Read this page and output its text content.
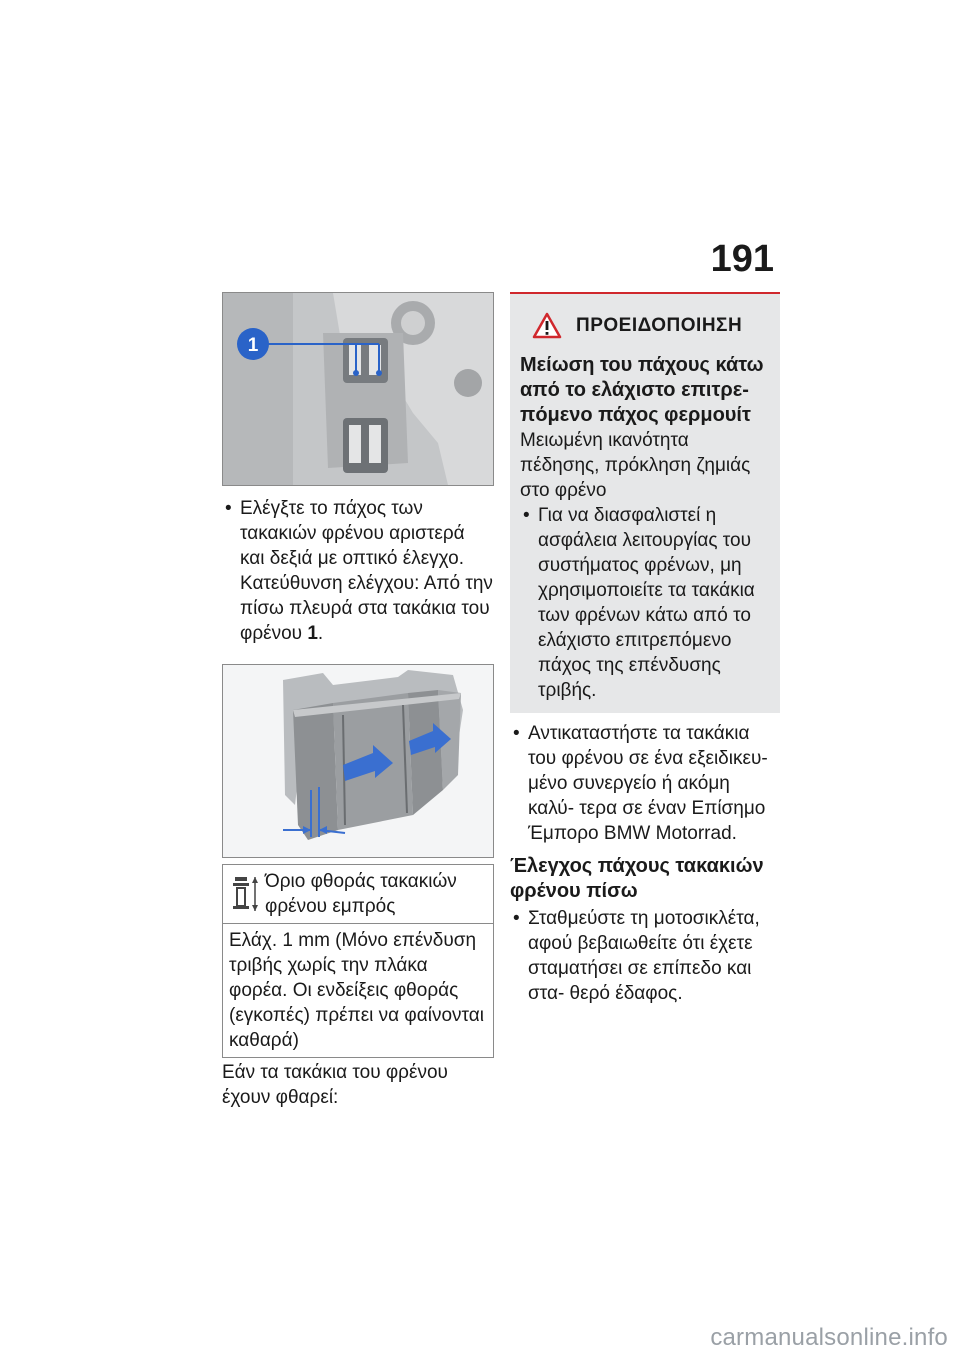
191
1
• Ελέγξτε το πάχος των τακακιών φρένου αριστερά και δεξιά με οπτικό έλεγχο. Κατεύθυνση ελέγχου: Από την πίσω πλευρά στα τακάκια του φρένου 1.
Όριο φθοράς τακακιών φρένου εμπρός
Ελάχ. 1 mm (Μόνο επένδυση τριβής χωρίς την πλάκα φορέα. Οι ενδείξεις φθοράς (εγκοπές) πρέπει να φαίνονται καθαρά)
Εάν τα τακάκια του φρένου έχουν φθαρεί:
ΠΡΟΕΙΔΟΠΟΙΗΣΗ
Μείωση του πάχους κάτω από το ελάχιστο επιτρε- πόμενο πάχος φερμουίτ
Μειωμένη ικανότητα πέδησης, πρόκληση ζημιάς στο φρένο
• Για να διασφαλιστεί η ασφάλεια λειτουργίας του συστήματος φρένων, μη χρησιμοποιείτε τα τακάκια των φρένων κάτω από το ελάχιστο επιτρεπόμενο πάχος της επένδυσης τριβής.
• Αντικαταστήστε τα τακάκια του φρένου σε ένα εξειδικευ- μένο συνεργείο ή ακόμη καλύ- τερα σε έναν Επίσημο Έμπορο BMW Motorrad.
Έλεγχος πάχους τακακιών φρένου πίσω
• Σταθμεύστε τη μοτοσικλέτα, αφού βεβαιωθείτε ότι έχετε σταματήσει σε επίπεδο και στα- θερό έδαφος.
carmanualsonline.info
